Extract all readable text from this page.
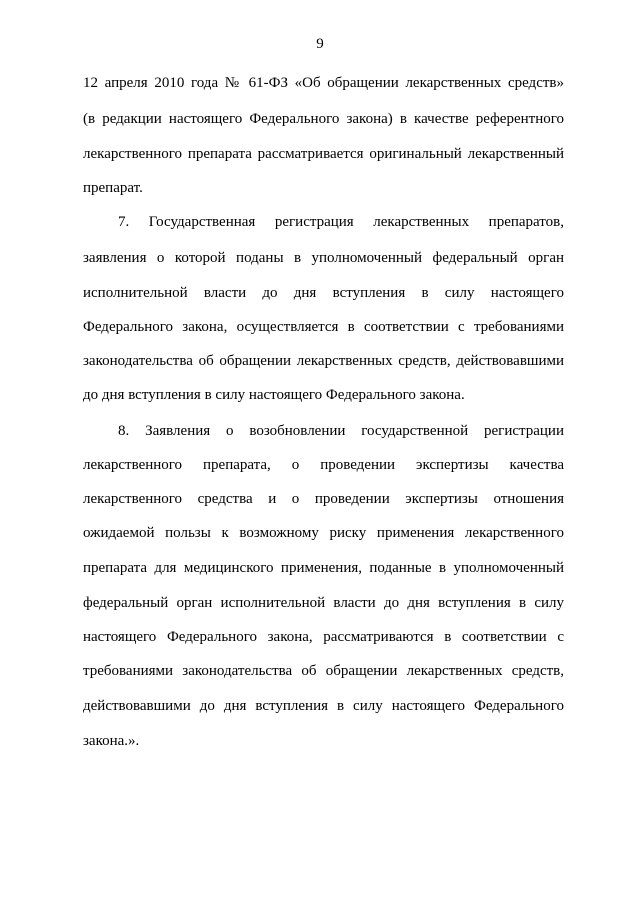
9
12 апреля 2010 года № 61-ФЗ «Об обращении лекарственных средств»
(в редакции настоящего Федерального закона) в качестве референтного
лекарственного препарата рассматривается оригинальный лекарственный
препарат.
7. Государственная регистрация лекарственных препаратов,
заявления о которой поданы в уполномоченный федеральный орган
исполнительной власти до дня вступления в силу настоящего
Федерального закона, осуществляется в соответствии с требованиями
законодательства об обращении лекарственных средств, действовавшими
до дня вступления в силу настоящего Федерального закона.
8. Заявления о возобновлении государственной регистрации
лекарственного препарата, о проведении экспертизы качества
лекарственного средства и о проведении экспертизы отношения
ожидаемой пользы к возможному риску применения лекарственного
препарата для медицинского применения, поданные в уполномоченный
федеральный орган исполнительной власти до дня вступления в силу
настоящего Федерального закона, рассматриваются в соответствии с
требованиями законодательства об обращении лекарственных средств,
действовавшими до дня вступления в силу настоящего Федерального
закона.».
